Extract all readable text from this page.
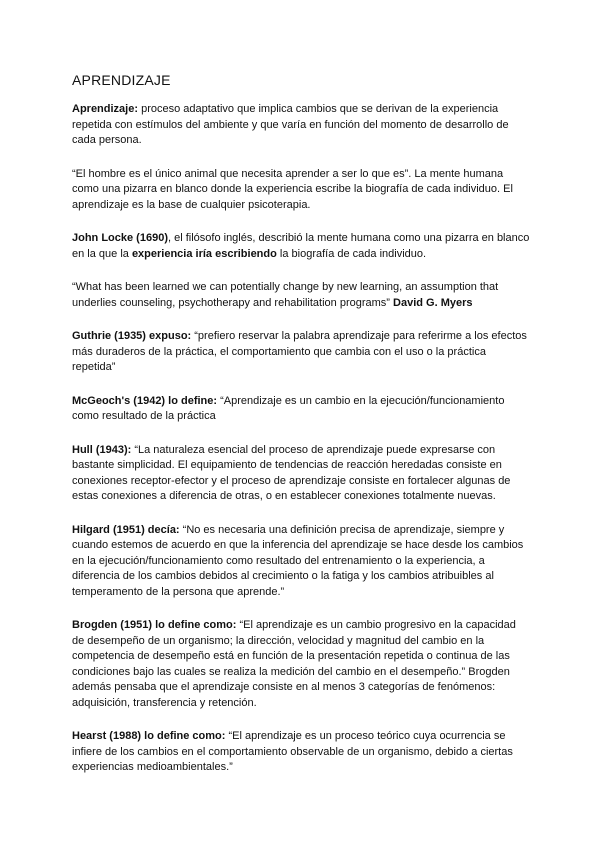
APRENDIZAJE

Aprendizaje: proceso adaptativo que implica cambios que se derivan de la experiencia repetida con estímulos del ambiente y que varía en función del momento de desarrollo de cada persona.

“El hombre es el único animal que necesita aprender a ser lo que es”. La mente humana como una pizarra en blanco donde la experiencia escribe la biografía de cada individuo. El aprendizaje es la base de cualquier psicoterapia.

John Locke (1690), el filósofo inglés, describió la mente humana como una pizarra en blanco en la que la experiencia iría escribiendo la biografía de cada individuo.

“What has been learned we can potentially change by new learning, an assumption that underlies counseling, psychotherapy and rehabilitation programs” David G. Myers

Guthrie (1935) expuso: “prefiero reservar la palabra aprendizaje para referirme a los efectos más duraderos de la práctica, el comportamiento que cambia con el uso o la práctica repetida”

McGeoch's (1942) lo define: “Aprendizaje es un cambio en la ejecución/funcionamiento como resultado de la práctica

Hull (1943): “La naturaleza esencial del proceso de aprendizaje puede expresarse con bastante simplicidad. El equipamiento de tendencias de reacción heredadas consiste en conexiones receptor-efector y el proceso de aprendizaje consiste en fortalecer algunas de estas conexiones a diferencia de otras, o en establecer conexiones totalmente nuevas.

Hilgard (1951) decía: “No es necesaria una definición precisa de aprendizaje, siempre y cuando estemos de acuerdo en que la inferencia del aprendizaje se hace desde los cambios en la ejecución/funcionamiento como resultado del entrenamiento o la experiencia, a diferencia de los cambios debidos al crecimiento o la fatiga y los cambios atribuibles al temperamento de la persona que aprende.”

Brogden (1951) lo define como: “El aprendizaje es un cambio progresivo en la capacidad de desempeño de un organismo; la dirección, velocidad y magnitud del cambio en la competencia de desempeño está en función de la presentación repetida o continua de las condiciones bajo las cuales se realiza la medición del cambio en el desempeño.” Brogden además pensaba que el aprendizaje consiste en al menos 3 categorías de fenómenos: adquisición, transferencia y retención.

Hearst (1988) lo define como: “El aprendizaje es un proceso teórico cuya ocurrencia se infiere de los cambios en el comportamiento observable de un organismo, debido a ciertas experiencias medioambientales.”
